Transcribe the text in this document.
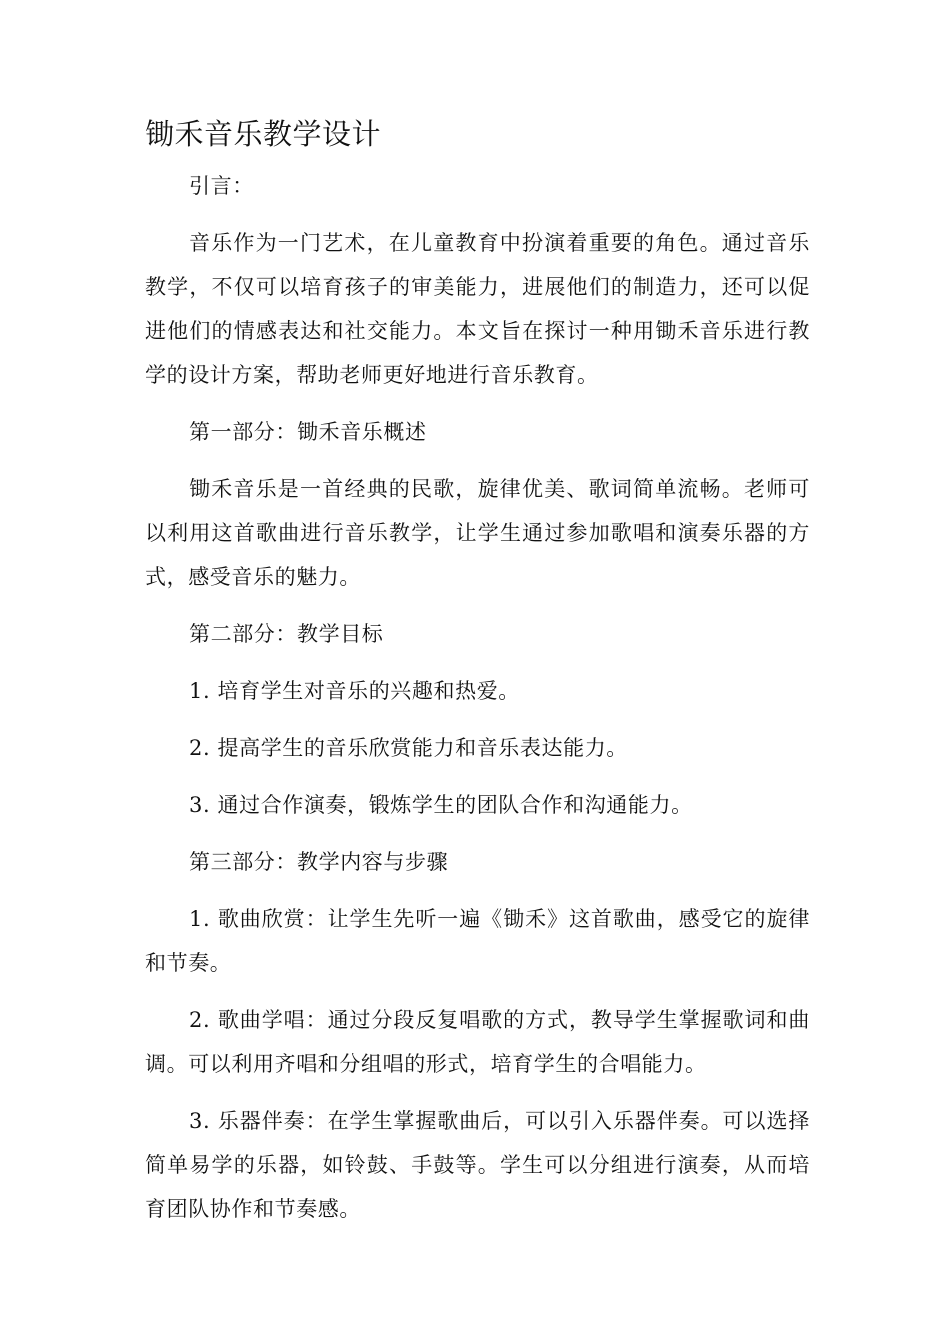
锄禾音乐教学设计

引言：

音乐作为一门艺术，在儿童教育中扮演着重要的角色。通过音乐教学，不仅可以培育孩子的审美能力，进展他们的制造力，还可以促进他们的情感表达和社交能力。本文旨在探讨一种用锄禾音乐进行教学的设计方案，帮助老师更好地进行音乐教育。

第一部分：锄禾音乐概述

锄禾音乐是一首经典的民歌，旋律优美、歌词简单流畅。老师可以利用这首歌曲进行音乐教学，让学生通过参加歌唱和演奏乐器的方式，感受音乐的魅力。

第二部分：教学目标

1. 培育学生对音乐的兴趣和热爱。

2. 提高学生的音乐欣赏能力和音乐表达能力。

3. 通过合作演奏，锻炼学生的团队合作和沟通能力。

第三部分：教学内容与步骤

1. 歌曲欣赏：让学生先听一遍《锄禾》这首歌曲，感受它的旋律和节奏。

2. 歌曲学唱：通过分段反复唱歌的方式，教导学生掌握歌词和曲调。可以利用齐唱和分组唱的形式，培育学生的合唱能力。

3. 乐器伴奏：在学生掌握歌曲后，可以引入乐器伴奏。可以选择简单易学的乐器，如铃鼓、手鼓等。学生可以分组进行演奏，从而培育团队协作和节奏感。
